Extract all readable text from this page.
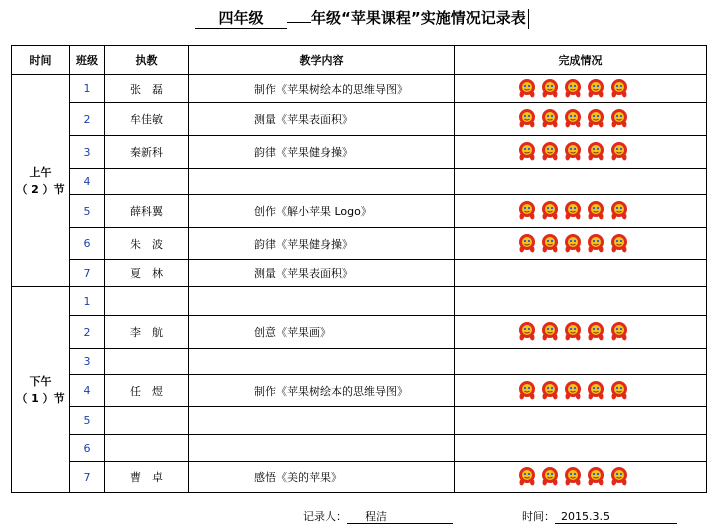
四年级	年级“苹果课程”实施情况记录表
时间	班级	执教	教学内容	完成情况

上午
（ 2 ）节	1	张　磊	制作《苹果树绘本的思维导图》	

	2	牟佳敏	测量《苹果表面积》	

	3	秦新科	韵律《苹果健身操》	

	4			
	5	薛科翼	创作《解小苹果 Logo》	

	6	朱　波	韵律《苹果健身操》	

	7	夏　林	测量《苹果表面积》	

下午
（ 1 ）节	1			
	2	李　航	创意《苹果画》	

	3			
	4	任　煜	制作《苹果树绘本的思维导图》	

	5			
	6			
	7	曹　卓	感悟《美的苹果》	
记录人： 程洁	时间： 2015.3.5
